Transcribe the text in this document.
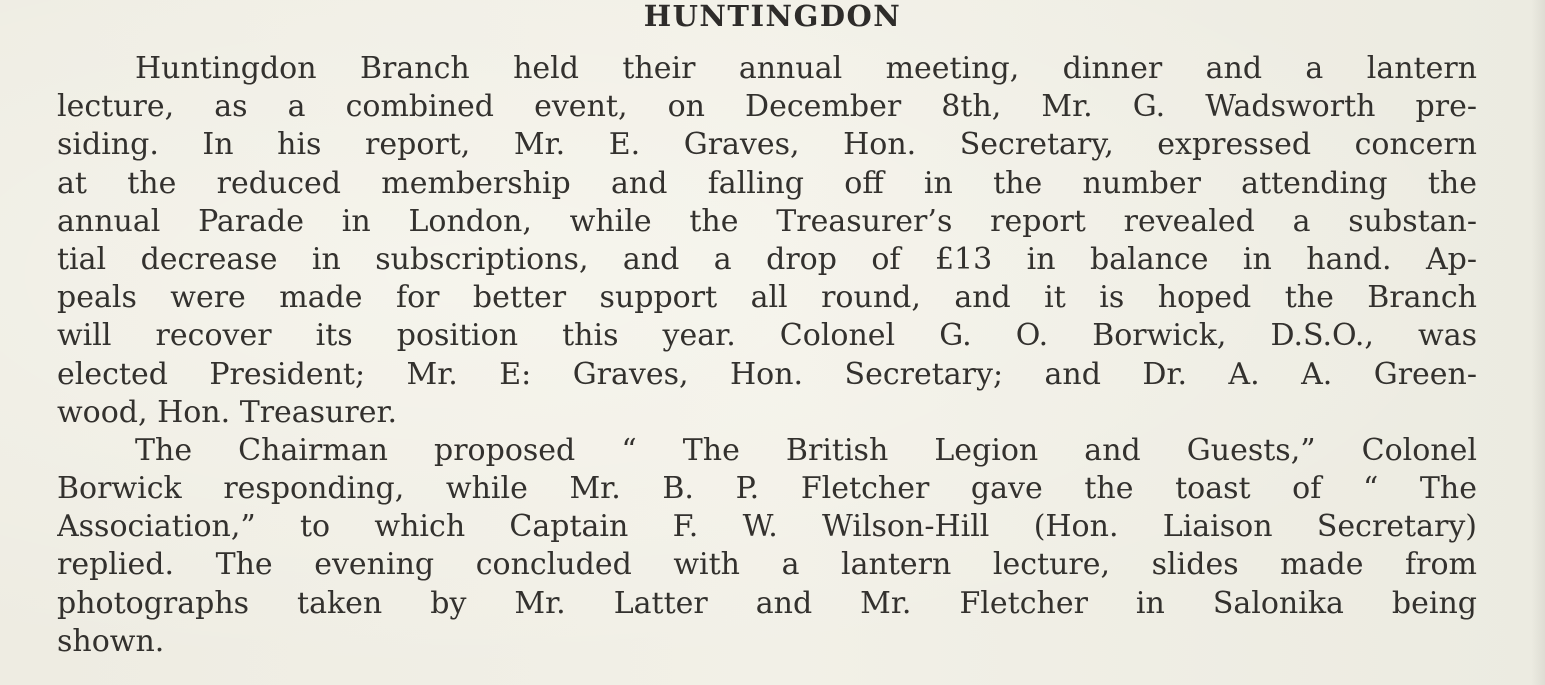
HUNTINGDON
Huntingdon Branch held their annual meeting, dinner and a lantern
lecture, as a combined event, on December 8th, Mr. G. Wadsworth pre-
siding. In his report, Mr. E. Graves, Hon. Secretary, expressed concern
at the reduced membership and falling off in the number attending the
annual Parade in London, while the Treasurer’s report revealed a substan-
tial decrease in subscriptions, and a drop of £13 in balance in hand. Ap-
peals were made for better support all round, and it is hoped the Branch
will recover its position this year. Colonel G. O. Borwick, D.S.O., was
elected President; Mr. E: Graves, Hon. Secretary; and Dr. A. A. Green-
wood, Hon. Treasurer.
The Chairman proposed “ The British Legion and Guests,” Colonel
Borwick responding, while Mr. B. P. Fletcher gave the toast of “ The
Association,” to which Captain F. W. Wilson-Hill (Hon. Liaison Secretary)
replied. The evening concluded with a lantern lecture, slides made from
photographs taken by Mr. Latter and Mr. Fletcher in Salonika being
shown.
